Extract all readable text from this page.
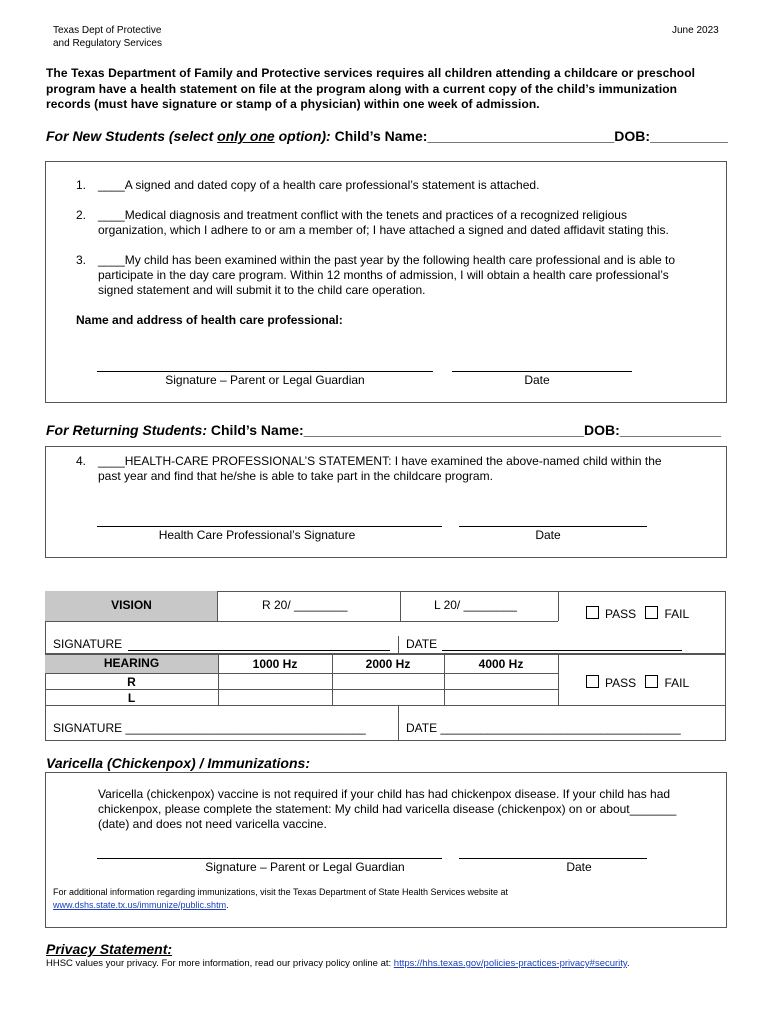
Texas Dept of Protective
and Regulatory Services
June 2023
The Texas Department of Family and Protective services requires all children attending a childcare or preschool
program have a health statement on file at the program along with a current copy of the child’s immunization
records (must have signature or stamp of a physician) within one week of admission.
For New Students (select only one option): Child’s Name:________________________DOB:__________
1. ____A signed and dated copy of a health care professional’s statement is attached.
2. ____Medical diagnosis and treatment conflict with the tenets and practices of a recognized religious
organization, which I adhere to or am a member of; I have attached a signed and dated affidavit stating this.
3. ____My child has been examined within the past year by the following health care professional and is able to
participate in the day care program. Within 12 months of admission, I will obtain a health care professional’s
signed statement and will submit it to the child care operation.
Name and address of health care professional:
Signature – Parent or Legal Guardian	Date
For Returning Students: Child’s Name:____________________________________DOB:_____________
4. ____HEALTH-CARE PROFESSIONAL’S STATEMENT: I have examined the above-named child within the
past year and find that he/she is able to take part in the childcare program.
Health Care Professional’s Signature	Date
VISION	R 20/ ________	L 20/ ________
PASS FAIL
SIGNATURE	DATE
HEARING	1000 Hz	2000 Hz	4000 Hz
R
L
PASS FAIL
SIGNATURE ____________________________________	DATE ____________________________________
Varicella (Chickenpox) / Immunizations:
Varicella (chickenpox) vaccine is not required if your child has had chickenpox disease. If your child has had
chickenpox, please complete the statement: My child had varicella disease (chickenpox) on or about_______
(date) and does not need varicella vaccine.
Signature – Parent or Legal Guardian	Date
For additional information regarding immunizations, visit the Texas Department of State Health Services website at
www.dshs.state.tx.us/immunize/public.shtm.
Privacy Statement:
HHSC values your privacy. For more information, read our privacy policy online at: https://hhs.texas.gov/policies-practices-privacy#security.
